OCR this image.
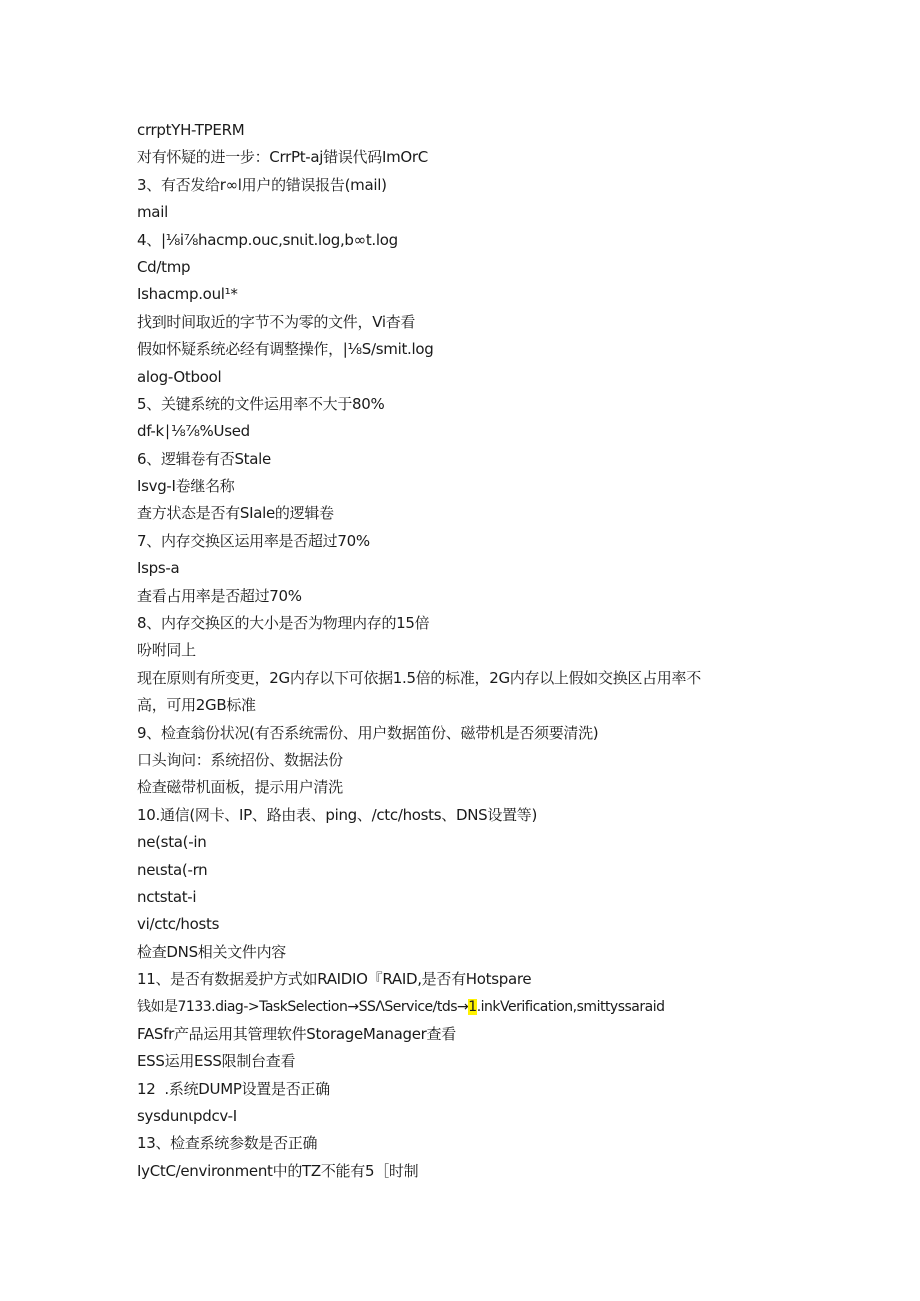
crrptYH-TPERM
对有怀疑的进一步：CrrPt-aj错误代码ImOrC
3、有否发给r∞l用户的错误报告(mail)
mail
4、|⅛i⅞hacmp.ouc,snιit.log,b∞t.log
Cd/tmp
Ishacmp.oul¹*
找到时间取近的字节不为零的文件，Vi杳看
假如怀疑系统必经有调整操作，|⅛S∕smit.log
alog-Otbool
5、关键系统的文件运用率不大于80%
df-k∣⅛⅞%Used
6、逻辑卷有否Stale
Isvg-I卷继名称
查方状态是否有SIale的逻辑卷
7、内存交换区运用率是否超过70%
Isps-a
查看占用率是否超过70%
8、内存交换区的大小是否为物理内存的15倍
吩咐同上
现在原则有所变更，2G内存以下可依据1.5倍的标准，2G内存以上假如交换区占用率不
高，可用2GB标准
9、检查翁份状况(有否系统需份、用户数据笛份、磁带机是否须要清洗)
口头询问：系统招份、数据法份
检查磁带机面板，提示用户清洗
10.通信(网卡、IP、路由表、ping、/ctc/hosts、DNS设置等)
ne(sta(-in
neιsta(-rn
nctstat-i
vi∕ctc∕hosts
检查DNS相关文件内容
11、是否有数据爰护方式如RAIDIO『RAID,是否有Hotspare
钱如是7133.diag->TaskSelection→SSΛService∕tds→1.inkVerification,smittyssaraid
FASfr产品运用其管理软件StorageManager查看
ESS运用ESS限制台查看
12  .系统DUMP设置是否正确
sysdunιpdcv-I
13、检查系统参数是否正确
IyCtC/environment中的TZ不能有5［时制
